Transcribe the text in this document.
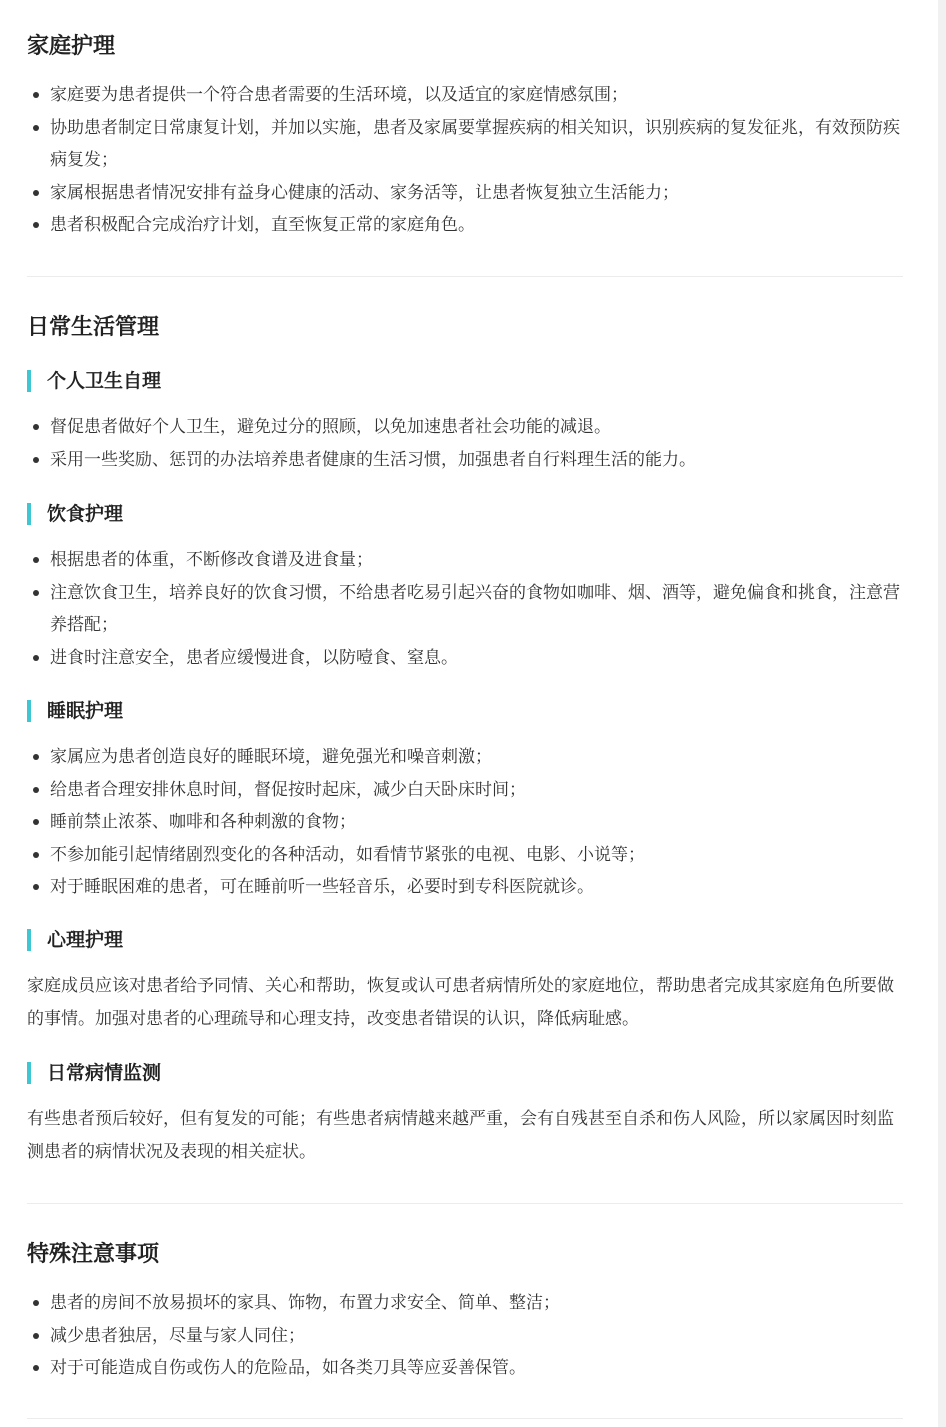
家庭护理
家庭要为患者提供一个符合患者需要的生活环境，以及适宜的家庭情感氛围；
协助患者制定日常康复计划，并加以实施，患者及家属要掌握疾病的相关知识，识别疾病的复发征兆，有效预防疾病复发；
家属根据患者情况安排有益身心健康的活动、家务活等，让患者恢复独立生活能力；
患者积极配合完成治疗计划，直至恢复正常的家庭角色。
日常生活管理
个人卫生自理
督促患者做好个人卫生，避免过分的照顾，以免加速患者社会功能的减退。
采用一些奖励、惩罚的办法培养患者健康的生活习惯，加强患者自行料理生活的能力。
饮食护理
根据患者的体重，不断修改食谱及进食量；
注意饮食卫生，培养良好的饮食习惯，不给患者吃易引起兴奋的食物如咖啡、烟、酒等，避免偏食和挑食，注意营养搭配；
进食时注意安全，患者应缓慢进食，以防噎食、窒息。
睡眠护理
家属应为患者创造良好的睡眠环境，避免强光和噪音刺激；
给患者合理安排休息时间，督促按时起床，减少白天卧床时间；
睡前禁止浓茶、咖啡和各种刺激的食物；
不参加能引起情绪剧烈变化的各种活动，如看情节紧张的电视、电影、小说等；
对于睡眠困难的患者，可在睡前听一些轻音乐，必要时到专科医院就诊。
心理护理

家庭成员应该对患者给予同情、关心和帮助，恢复或认可患者病情所处的家庭地位，帮助患者完成其家庭角色所要做的事情。加强对患者的心理疏导和心理支持，改变患者错误的认识，降低病耻感。

日常病情监测

有些患者预后较好，但有复发的可能；有些患者病情越来越严重，会有自残甚至自杀和伤人风险，所以家属因时刻监测患者的病情状况及表现的相关症状。

特殊注意事项
患者的房间不放易损坏的家具、饰物，布置力求安全、简单、整洁；
减少患者独居，尽量与家人同住；
对于可能造成自伤或伤人的危险品，如各类刀具等应妥善保管。
